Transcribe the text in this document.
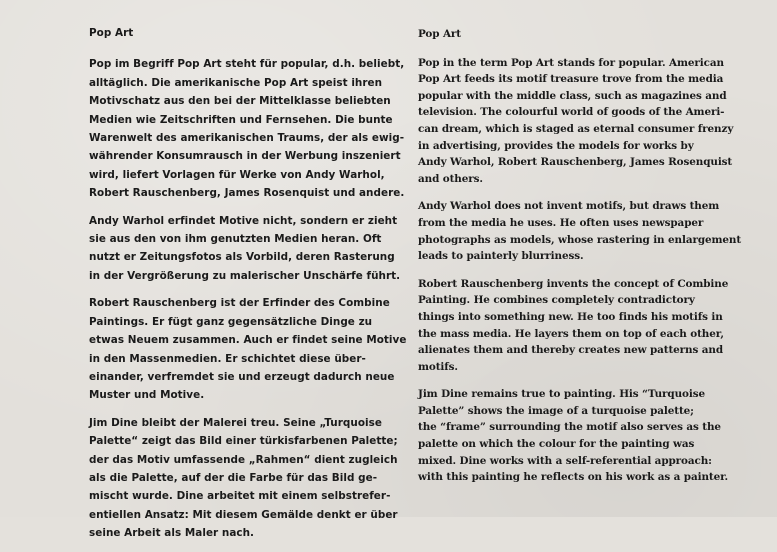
Pop Art

Pop im Begriff Pop Art steht für popular, d.h. beliebt,
alltäglich. Die amerikanische Pop Art speist ihren
Motivschatz aus den bei der Mittelklasse beliebten
Medien wie Zeitschriften und Fernsehen. Die bunte
Warenwelt des amerikanischen Traums, der als ewig-
währender Konsumrausch in der Werbung inszeniert
wird, liefert Vorlagen für Werke von Andy Warhol,
Robert Rauschenberg, James Rosenquist und andere.

Andy Warhol erfindet Motive nicht, sondern er zieht
sie aus den von ihm genutzten Medien heran. Oft
nutzt er Zeitungsfotos als Vorbild, deren Rasterung
in der Vergrößerung zu malerischer Unschärfe führt.

Robert Rauschenberg ist der Erfinder des Combine
Paintings. Er fügt ganz gegensätzliche Dinge zu
etwas Neuem zusammen. Auch er findet seine Motive
in den Massenmedien. Er schichtet diese über-
einander, verfremdet sie und erzeugt dadurch neue
Muster und Motive.

Jim Dine bleibt der Malerei treu. Seine „Turquoise
Palette“ zeigt das Bild einer türkisfarbenen Palette;
der das Motiv umfassende „Rahmen“ dient zugleich
als die Palette, auf der die Farbe für das Bild ge-
mischt wurde. Dine arbeitet mit einem selbstrefer-
entiellen Ansatz: Mit diesem Gemälde denkt er über
seine Arbeit als Maler nach.

Pop Art

Pop in the term Pop Art stands for popular. American
Pop Art feeds its motif treasure trove from the media
popular with the middle class, such as magazines and
television. The colourful world of goods of the Ameri-
can dream, which is staged as eternal consumer frenzy
in advertising, provides the models for works by
Andy Warhol, Robert Rauschenberg, James Rosenquist
and others.

Andy Warhol does not invent motifs, but draws them
from the media he uses. He often uses newspaper
photographs as models, whose rastering in enlargement
leads to painterly blurriness.

Robert Rauschenberg invents the concept of Combine
Painting. He combines completely contradictory
things into something new. He too finds his motifs in
the mass media. He layers them on top of each other,
alienates them and thereby creates new patterns and
motifs.

Jim Dine remains true to painting. His “Turquoise
Palette” shows the image of a turquoise palette;
the “frame” surrounding the motif also serves as the
palette on which the colour for the painting was
mixed. Dine works with a self-referential approach:
with this painting he reflects on his work as a painter.
